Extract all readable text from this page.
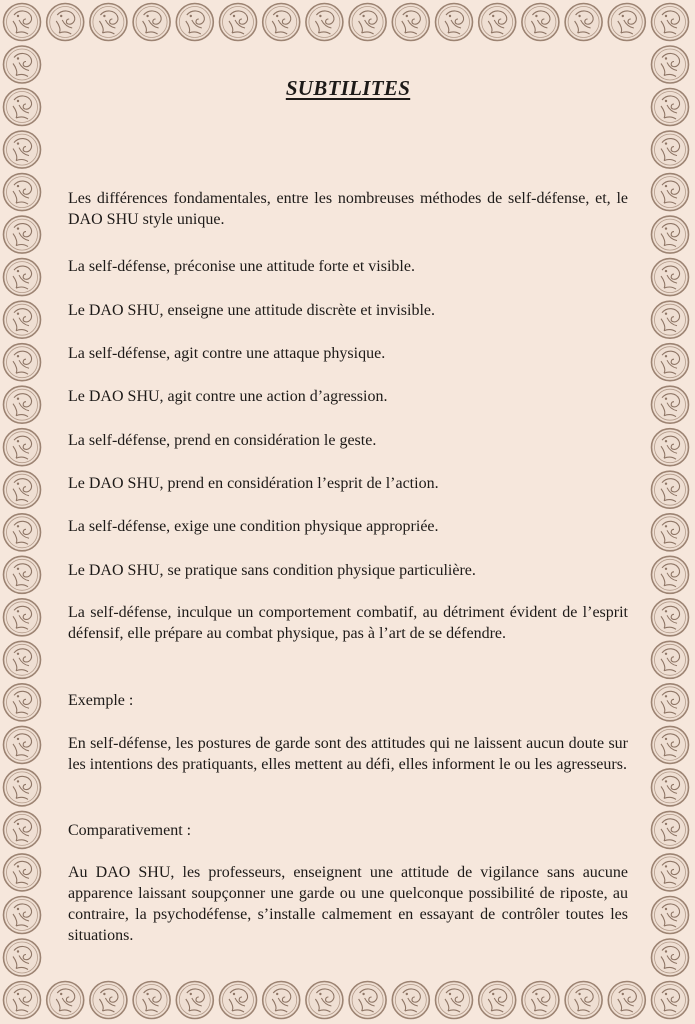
SUBTILITES

Les différences fondamentales, entre les nombreuses méthodes de self-défense, et, le DAO SHU style unique.

La self-défense, préconise une attitude forte et visible.

Le DAO SHU, enseigne une attitude discrète et invisible.

La self-défense, agit contre une attaque physique.

Le DAO SHU, agit contre une action d’agression.

La self-défense, prend en considération le geste.

Le DAO SHU, prend en considération l’esprit de l’action.

La self-défense, exige une condition physique appropriée.

Le DAO SHU, se pratique sans condition physique particulière.

La self-défense, inculque un comportement combatif, au détriment évident de l’esprit défensif, elle prépare au combat physique, pas à l’art de se défendre.

Exemple :

En self-défense, les postures de garde sont des attitudes qui ne laissent aucun doute sur les intentions des pratiquants, elles mettent au défi, elles informent le ou les agresseurs.

Comparativement :

Au DAO SHU, les professeurs, enseignent une attitude de vigilance sans aucune apparence laissant soupçonner une garde ou une quelconque possibilité de riposte, au contraire, la psychodéfense, s’installe calmement en essayant de contrôler toutes les situations.
